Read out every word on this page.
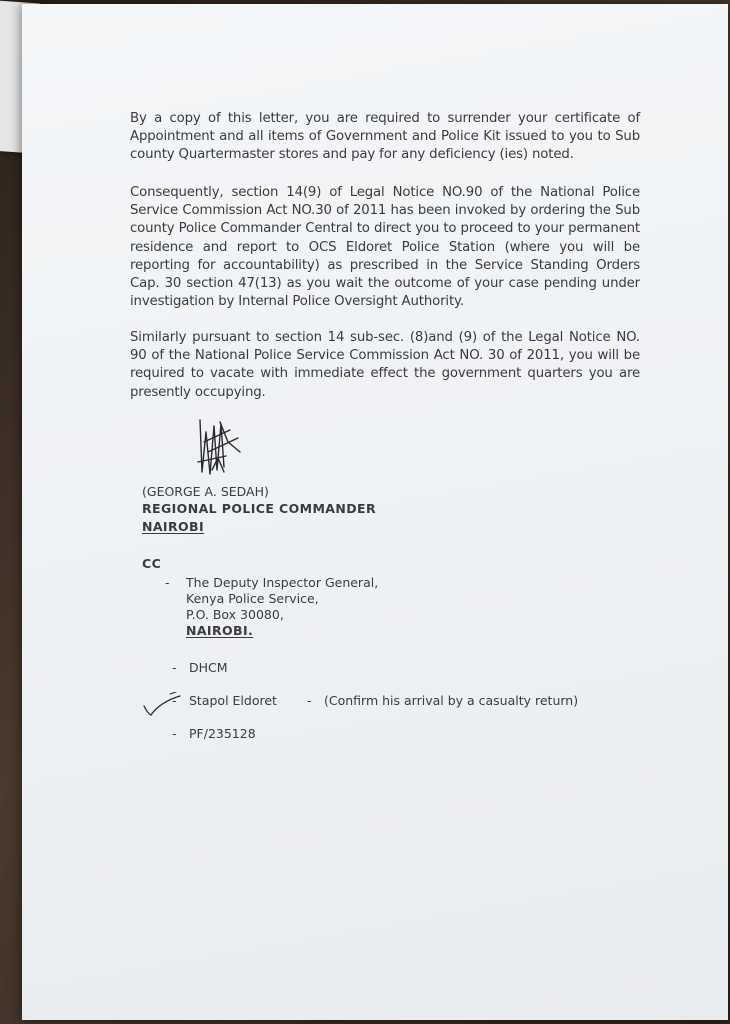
By a copy of this letter, you are required to surrender your certificate of Appointment and all items of Government and Police Kit issued to you to Sub county Quartermaster stores and pay for any deficiency (ies) noted.

Consequently, section 14(9) of Legal Notice NO.90 of the National Police Service Commission Act NO.30 of 2011 has been invoked by ordering the Sub county Police Commander Central to direct you to proceed to your permanent residence and report to OCS Eldoret Police Station (where you will be reporting for accountability) as prescribed in the Service Standing Orders Cap. 30 section 47(13) as you wait the outcome of your case pending under investigation by Internal Police Oversight Authority.

Similarly pursuant to section 14 sub-sec. (8)and (9) of the Legal Notice NO. 90 of the National Police Service Commission Act NO. 30 of 2011, you will be required to vacate with immediate effect the government quarters you are presently occupying.

(GEORGE A. SEDAH)
REGIONAL POLICE COMMANDER
NAIROBI
CC
- The Deputy Inspector General,
Kenya Police Service,
P.O. Box 30080,
NAIROBI.
- DHCM
- Stapol Eldoret - (Confirm his arrival by a casualty return)
- PF/235128
